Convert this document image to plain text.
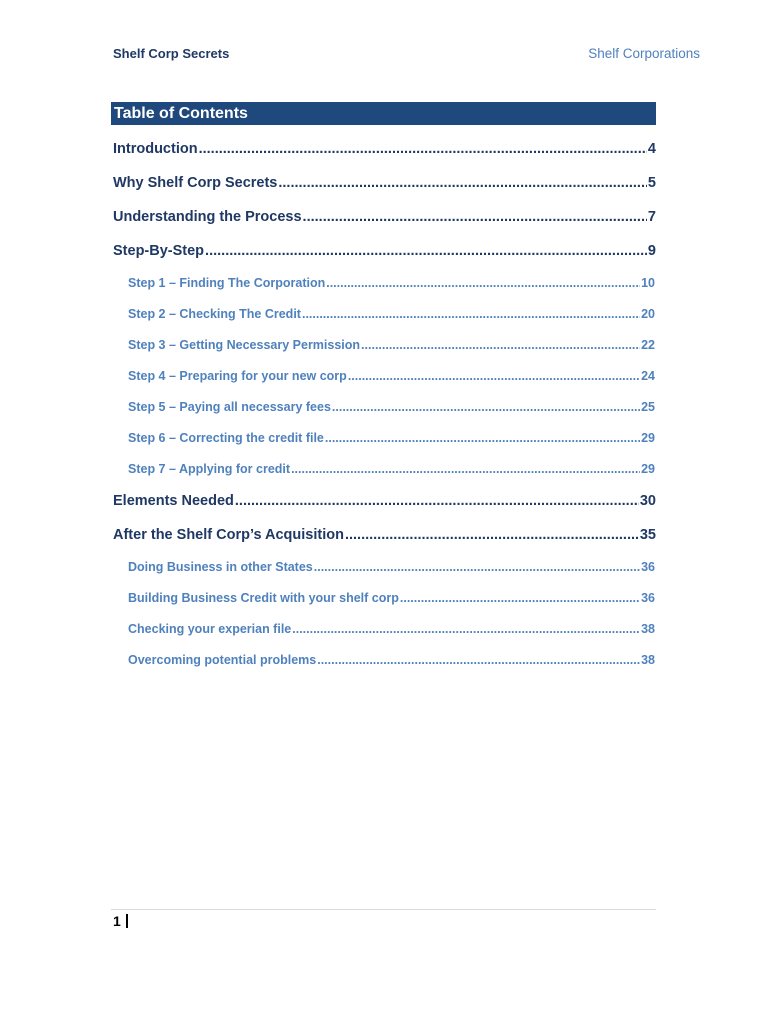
Shelf Corp Secrets	Shelf Corporations
Table of Contents
Introduction .....	4
Why Shelf Corp Secrets .....	5
Understanding the Process .....	7
Step-By-Step .....	9
Step 1 – Finding The Corporation .....	10
Step 2 – Checking The Credit .....	20
Step 3 – Getting Necessary Permission .....	22
Step 4 – Preparing for your new corp .....	24
Step 5 – Paying all necessary fees .....	25
Step 6 – Correcting the credit file .....	29
Step 7 – Applying for credit .....	29
Elements Needed .....	30
After the Shelf Corp’s Acquisition .....	35
Doing Business in other States .....	36
Building Business Credit with your shelf corp .....	36
Checking your experian file .....	38
Overcoming potential problems .....	38
1
